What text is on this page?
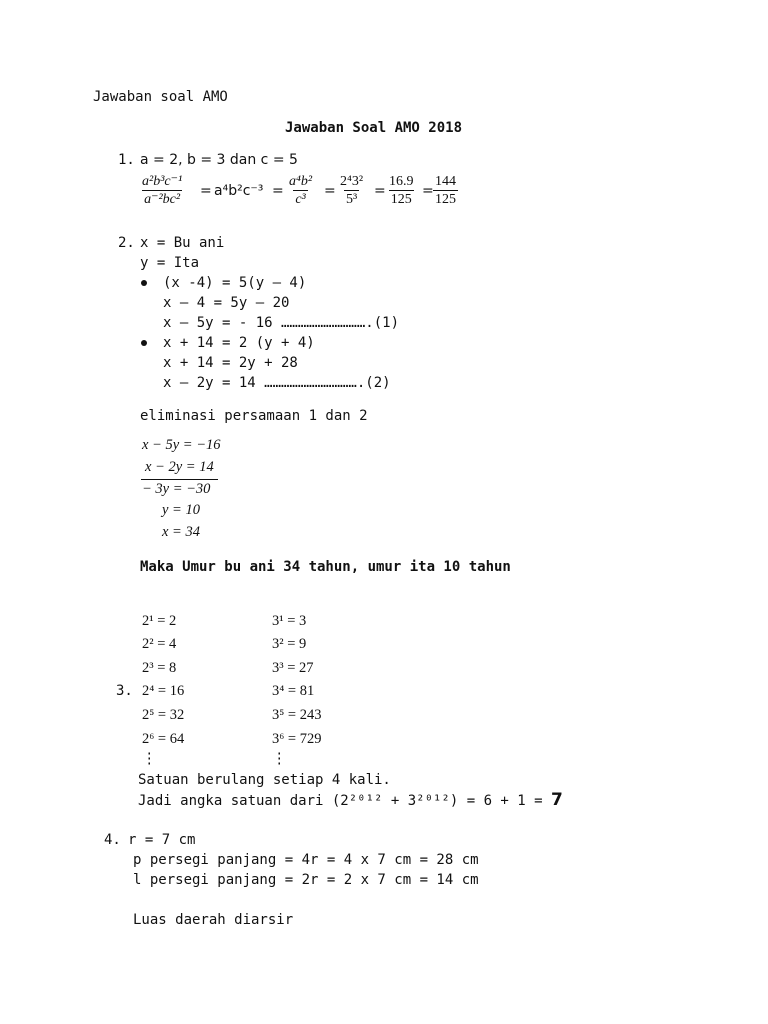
Jawaban soal AMO
Jawaban Soal AMO 2018
1. a = 2, b = 3 dan c = 5
$\frac{\text{a²b³c⁻¹}}{\text{a⁻²bc²}} = a^4b^2c^{-3} = \frac{\text{a⁴b²}}{\text{c³}} = \frac{\text{2⁴3²}}{\text{5³}} = \frac{16.9}{125} = \frac{144}{125}$
2. x = Bu ani
y = Ita
(x -4) = 5(y – 4)
x – 4 = 5y – 20
x – 5y = - 16 ………………………….(1)
x + 14 = 2 (y + 4)
x + 14 = 2y + 28
x – 2y = 14 …………………………….(2)
eliminasi persamaan 1 dan 2
x − 5y = −16
x − 2y = 14
− 3y = −30
y = 10
x = 34
Maka Umur bu ani 34 tahun, umur ita 10 tahun
2¹ = 2
2² = 4
2³ = 8
3. 2⁴ = 16
2⁵ = 32
2⁶ = 64
⋮
3¹ = 3
3² = 9
3³ = 27
3⁴ = 81
3⁵ = 243
3⁶ = 729
⋮
Satuan berulang setiap 4 kali.
Jadi angka satuan dari (2²⁰¹² + 3²⁰¹²) = 6 + 1 = 7
4. r = 7 cm
p persegi panjang = 4r = 4 x 7 cm = 28 cm
l persegi panjang = 2r = 2 x 7 cm = 14 cm
Luas daerah diarsir
